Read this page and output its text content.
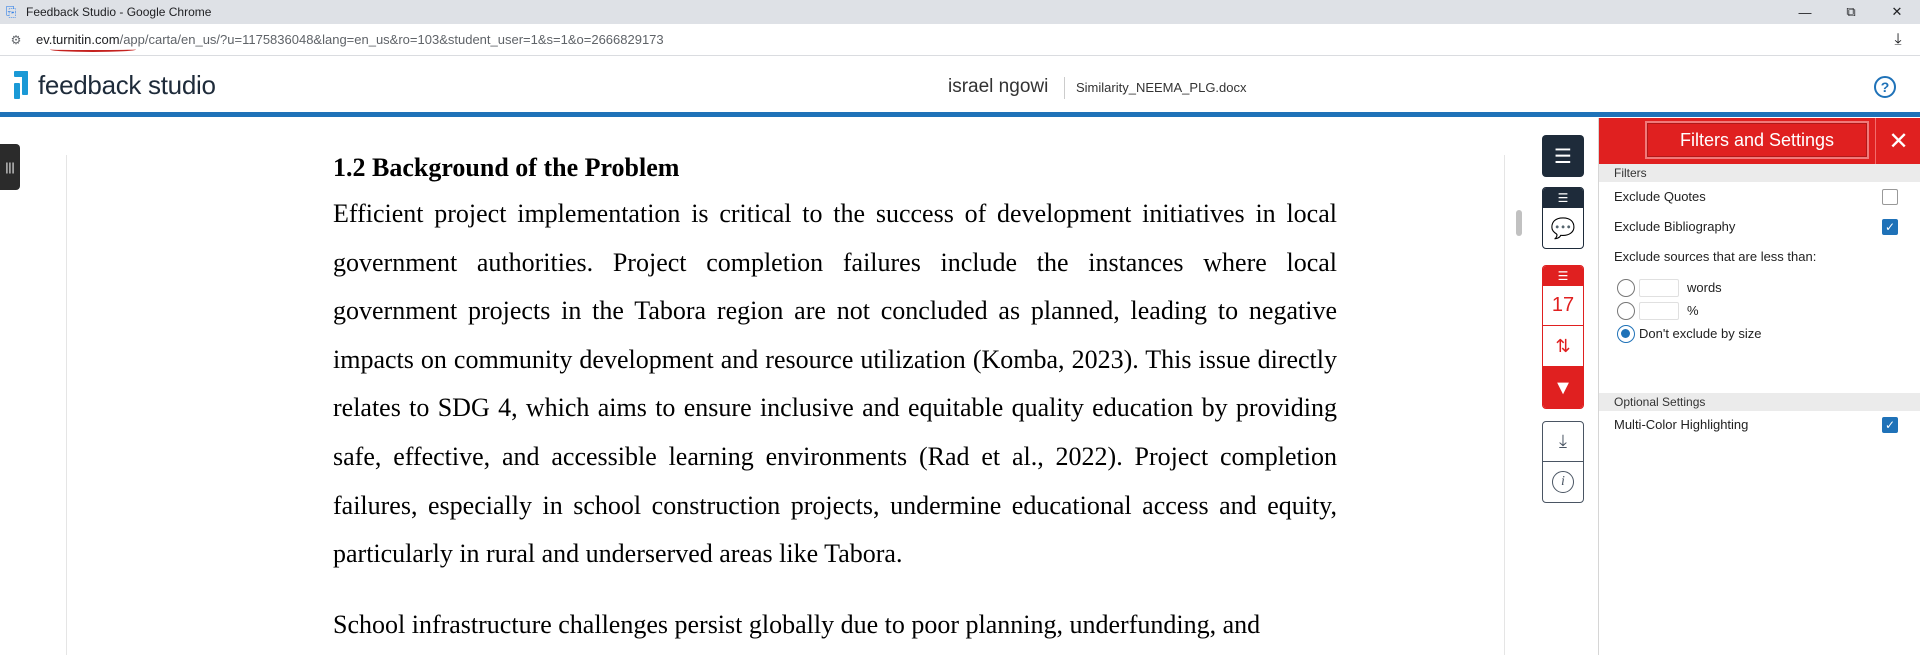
⎘ Feedback Studio - Google Chrome	—	⧉	✕
⚙	ev.turnitin.com/app/carta/en_us/?u=1175836048&lang=en_us&ro=103&student_user=1&s=1&o=2666829173	⤓
feedback studio	israel ngowi Similarity_NEEMA_PLG.docx	?
|||	1.2 Background of the Problem
Efficient project implementation is critical to the success of development initiatives in local government authorities. Project completion failures include the instances where local government projects in the Tabora region are not concluded as planned, leading to negative impacts on community development and resource utilization (Komba, 2023). This issue directly relates to SDG 4, which aims to ensure inclusive and equitable quality education by providing safe, effective, and accessible learning environments (Rad et al., 2022). Project completion failures, especially in school construction projects, undermine educational access and equity, particularly in rural and underserved areas like Tabora.
School infrastructure challenges persist globally due to poor planning, underfunding, and
☰
☰
💬
☰
17
⇅
▼
⤓
i
Filters and Settings	✕
Filters
Exclude Quotes
Exclude Bibliography	✓
Exclude sources that are less than:
words
%
Don't exclude by size
Optional Settings
Multi-Color Highlighting	✓
